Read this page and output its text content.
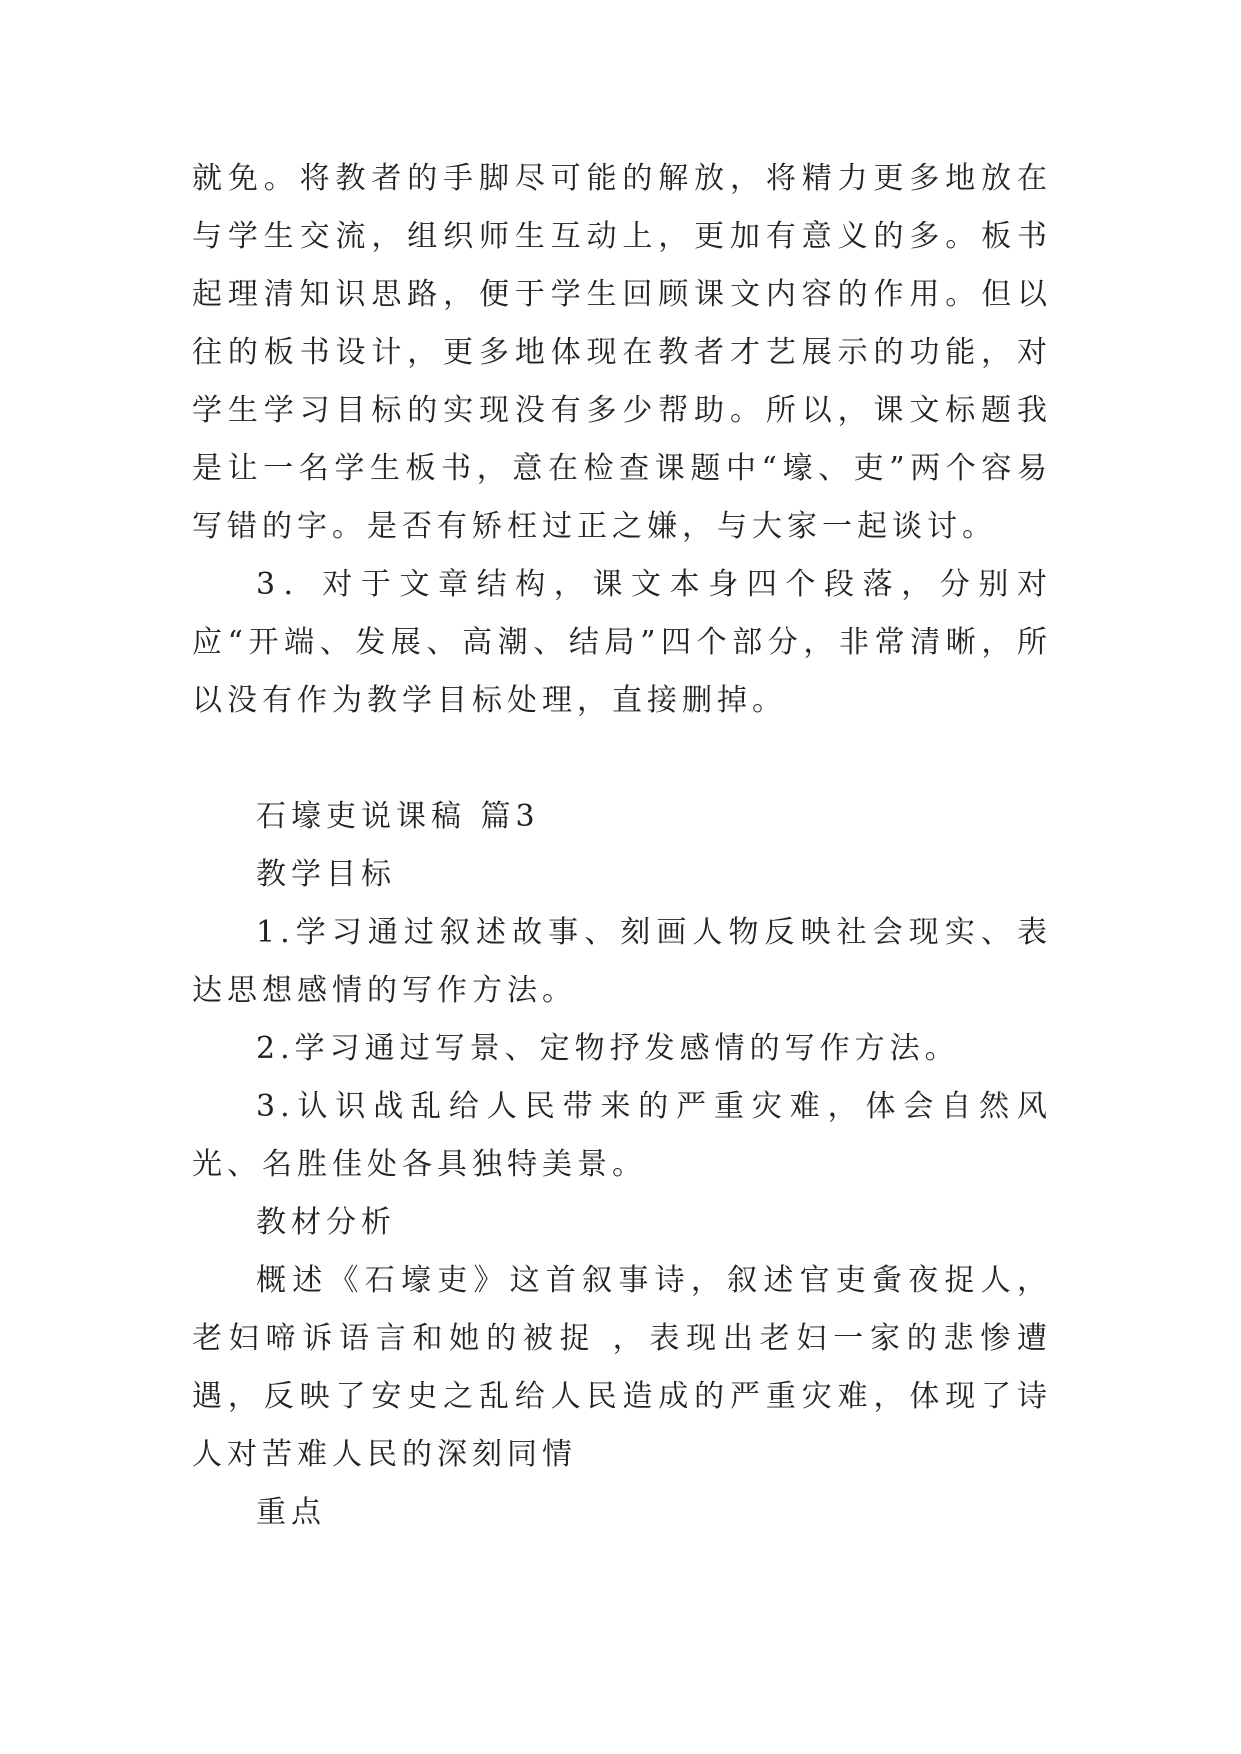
就免。将教者的手脚尽可能的解放，将精力更多地放在与学生交流，组织师生互动上，更加有意义的多。板书起理清知识思路，便于学生回顾课文内容的作用。但以往的板书设计，更多地体现在教者才艺展示的功能，对学生学习目标的实现没有多少帮助。所以，课文标题我是让一名学生板书，意在检查课题中“壕、吏”两个容易写错的字。是否有矫枉过正之嫌，与大家一起谈讨。

3．对于文章结构，课文本身四个段落，分别对应“开端、发展、高潮、结局”四个部分，非常清晰，所以没有作为教学目标处理，直接删掉。

石壕吏说课稿 篇3

教学目标

1.学习通过叙述故事、刻画人物反映社会现实、表达思想感情的写作方法。

2.学习通过写景、定物抒发感情的写作方法。

3.认识战乱给人民带来的严重灾难，体会自然风光、名胜佳处各具独特美景。

教材分析

概述《石壕吏》这首叙事诗，叙述官吏夤夜捉人，老妇啼诉语言和她的被捉 ，表现出老妇一家的悲惨遭遇，反映了安史之乱给人民造成的严重灾难，体现了诗人对苦难人民的深刻同情

重点
